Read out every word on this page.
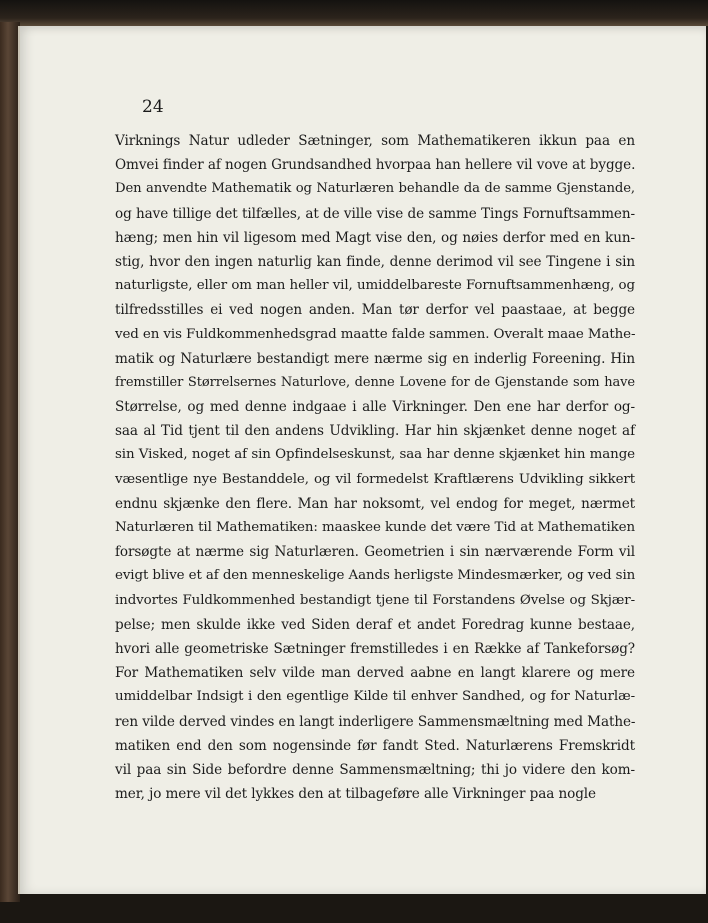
24
Virknings Natur udleder Sætninger, som Mathematikeren ikkun paa en
Omvei finder af nogen Grundsandhed hvorpaa han hellere vil vove at bygge.
Den anvendte Mathematik og Naturlæren behandle da de samme Gjenstande,
og have tillige det tilfælles, at de ville vise de samme Tings Fornuftsammen-
hæng; men hin vil ligesom med Magt vise den, og nøies derfor med en kun-
stig, hvor den ingen naturlig kan finde, denne derimod vil see Tingene i sin
naturligste, eller om man heller vil, umiddelbareste Fornuftsammenhæng, og
tilfredsstilles ei ved nogen anden. Man tør derfor vel paastaae, at begge
ved en vis Fuldkommenhedsgrad maatte falde sammen. Overalt maae Mathe-
matik og Naturlære bestandigt mere nærme sig en inderlig Foreening. Hin
fremstiller Størrelsernes Naturlove, denne Lovene for de Gjenstande som have
Størrelse, og med denne indgaae i alle Virkninger. Den ene har derfor og-
saa al Tid tjent til den andens Udvikling. Har hin skjænket denne noget af
sin Visked, noget af sin Opfindelseskunst, saa har denne skjænket hin mange
væsentlige nye Bestanddele, og vil formedelst Kraftlærens Udvikling sikkert
endnu skjænke den flere. Man har noksomt, vel endog for meget, nærmet
Naturlæren til Mathematiken: maaskee kunde det være Tid at Mathematiken
forsøgte at nærme sig Naturlæren. Geometrien i sin nærværende Form vil
evigt blive et af den menneskelige Aands herligste Mindesmærker, og ved sin
indvortes Fuldkommenhed bestandigt tjene til Forstandens Øvelse og Skjær-
pelse; men skulde ikke ved Siden deraf et andet Foredrag kunne bestaae,
hvori alle geometriske Sætninger fremstilledes i en Række af Tankeforsøg?
For Mathematiken selv vilde man derved aabne en langt klarere og mere
umiddelbar Indsigt i den egentlige Kilde til enhver Sandhed, og for Naturlæ-
ren vilde derved vindes en langt inderligere Sammensmæltning med Mathe-
matiken end den som nogensinde før fandt Sted. Naturlærens Fremskridt
vil paa sin Side befordre denne Sammensmæltning; thi jo videre den kom-
mer, jo mere vil det lykkes den at tilbageføre alle Virkninger paa nogle
